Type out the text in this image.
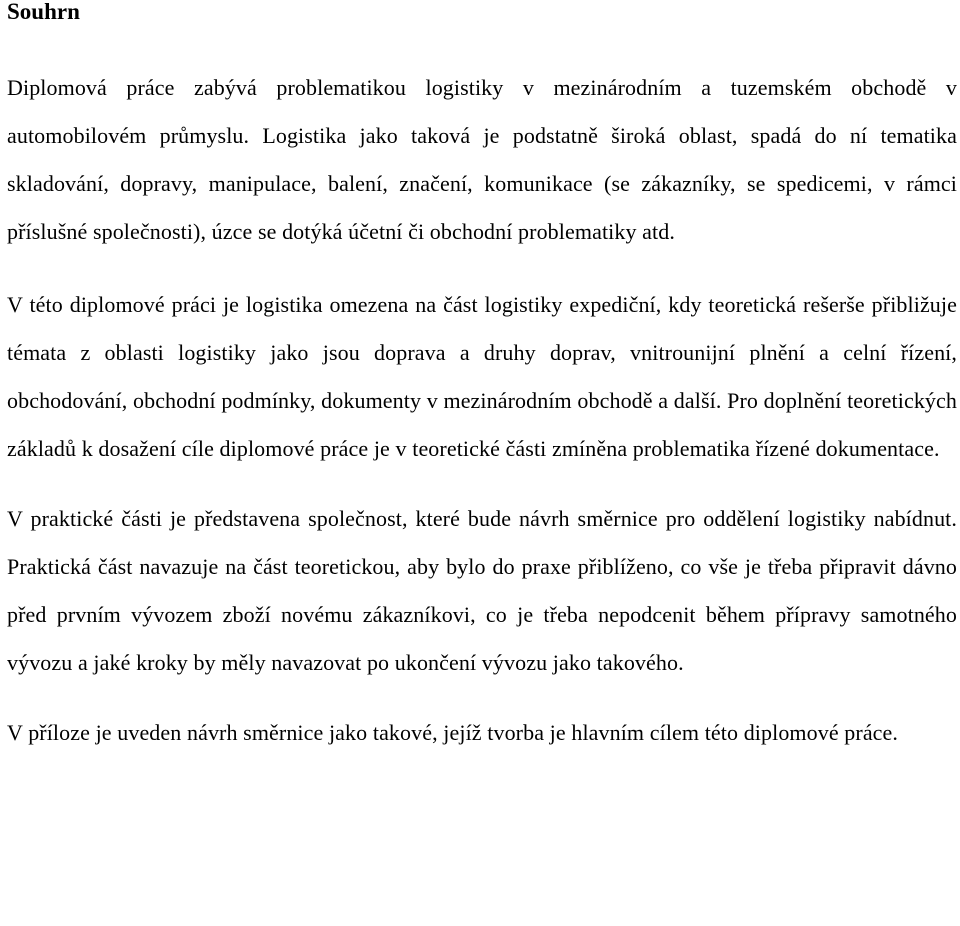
Souhrn

Diplomová práce zabývá problematikou logistiky v mezinárodním a tuzemském obchodě v automobilovém průmyslu. Logistika jako taková je podstatně široká oblast, spadá do ní tematika skladování, dopravy, manipulace, balení, značení, komunikace (se zákazníky, se spedicemi, v rámci příslušné společnosti), úzce se dotýká účetní či obchodní problematiky atd.

V této diplomové práci je logistika omezena na část logistiky expediční, kdy teoretická rešerše přibližuje témata z oblasti logistiky jako jsou doprava a druhy doprav, vnitrounijní plnění a celní řízení, obchodování, obchodní podmínky, dokumenty v mezinárodním obchodě a další. Pro doplnění teoretických základů k dosažení cíle diplomové práce je v teoretické části zmíněna problematika řízené dokumentace.

V praktické části je představena společnost, které bude návrh směrnice pro oddělení logistiky nabídnut. Praktická část navazuje na část teoretickou, aby bylo do praxe přiblíženo, co vše je třeba připravit dávno před prvním vývozem zboží novému zákazníkovi, co je třeba nepodcenit během přípravy samotného vývozu a jaké kroky by měly navazovat po ukončení vývozu jako takového.

V příloze je uveden návrh směrnice jako takové, jejíž tvorba je hlavním cílem této diplomové práce.
